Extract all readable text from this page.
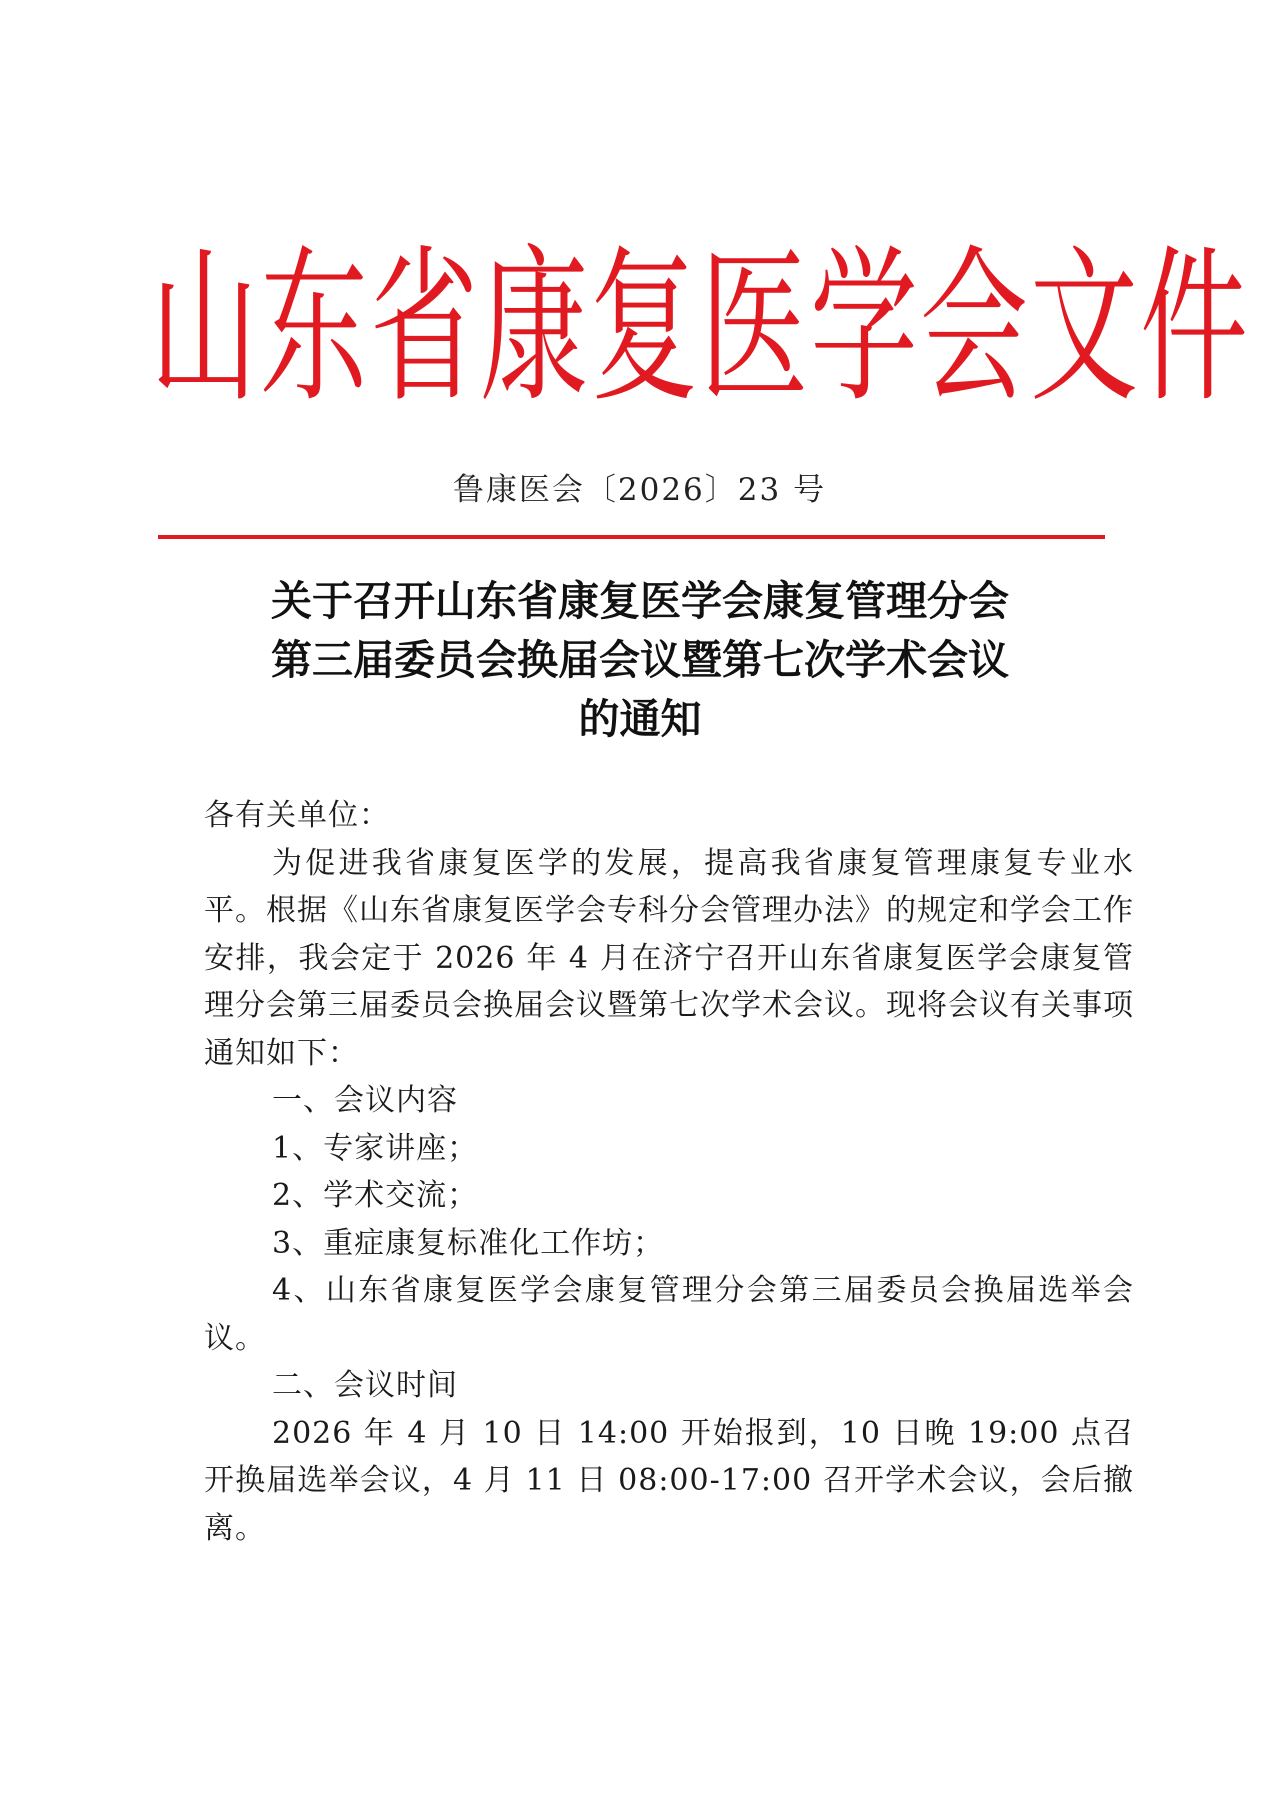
山东省康复医学会文件
鲁康医会〔2026〕23 号
关于召开山东省康复医学会康复管理分会
第三届委员会换届会议暨第七次学术会议
的通知

各有关单位：

为促进我省康复医学的发展，提高我省康复管理康复专业水平。根据《山东省康复医学会专科分会管理办法》的规定和学会工作安排，我会定于 2026 年 4 月在济宁召开山东省康复医学会康复管理分会第三届委员会换届会议暨第七次学术会议。现将会议有关事项通知如下：

一、会议内容

1、专家讲座；

2、学术交流；

3、重症康复标准化工作坊；

4、山东省康复医学会康复管理分会第三届委员会换届选举会议。

二、会议时间

2026 年 4 月 10 日 14:00 开始报到，10 日晚 19:00 点召开换届选举会议，4 月 11 日 08:00-17:00 召开学术会议，会后撤离。
